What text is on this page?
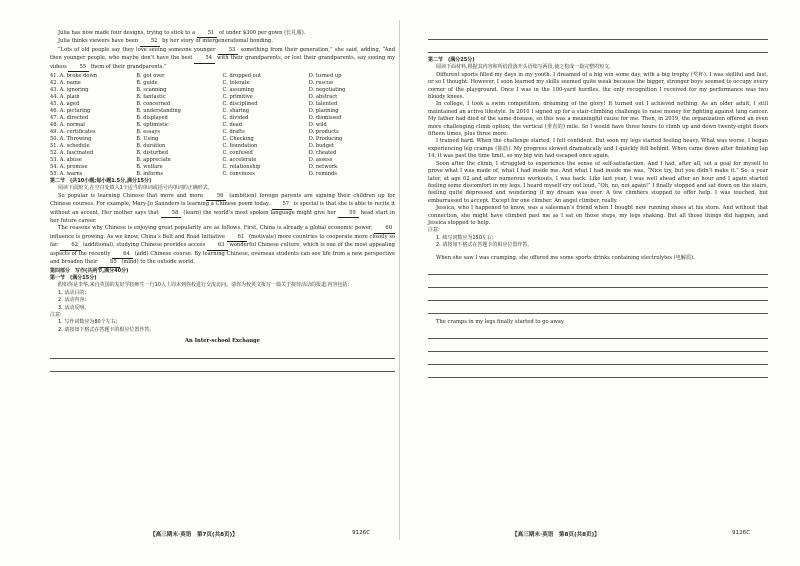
Julia has now made four designs, trying to stick to a 51 of under $300 per gown (长礼服).

Julia thinks viewers have been 52 by her story of intergenerational bonding.

“Lots of old people say they love seeing someone younger	53 something from their generation,” she said, adding, “And then younger people, who maybe don’t have the best	54 with their grandparents, or lost their grandparents, say seeing my videos 55 them of their grandparents.”

41. A. broke down	B. got over	C. dropped out	D. turned up
42. A. name	B. guide	C. tolerate	D. rescue
43. A. ignoring	B. scanning	C. assuming	D. negotiating
44. A. plain	B. fantastic	C. primitive	D. abstract
45. A. aged	B. concerned	C. disciplined	D. talented
46. A. picturing	B. understanding	C. sharing	D. planning
47. A. directed	B. displayed	C. divided	D. dismissed
48. A. normal	B. optimistic	C. dead	D. wild
49. A. certificates	B. essays	C. drafts	D. products
50. A. Throwing	B. Using	C. Checking	D. Producing
51. A. schedule	B. duration	C. foundation	D. budget
52. A. fascinated	B. disturbed	C. confused	D. cheated
53. A. abuse	B. appreciate	C. accelerate	D. assess
54. A. promise	B. welfare	C. relationship	D. network
55. A. warns	B. informs	C. convinces	D. reminds

第二节　(共10小题;每小题1.5分,满分15分)

阅读下面短文,在空白处填入1个适当的单词或括号内单词的正确形式。

So popular is learning Chinese that more and more	56 (ambition) foreign parents are signing their children up for Chinese courses. For example, Mary-Jo Saunders is learning a Chinese poem today. 57 is special is that she is able to recite it without an accent. Her mother says that	58 (learn) the world’s most spoken language might give her	59 head start in her future career.

The reasons why Chinese is enjoying great popularity are as follows. First, China is already a global economic power, 60 influence is growing. As we know, China’s Belt and Road Initiative 61 (motivate) more countries to cooperate more closely so far. 62 (additional), studying Chinese provides access 63 wonderful Chinese culture, which is one of the most appealing aspects of the recently 64 (add) Chinese course. By learning Chinese, overseas students can see life from a new perspective and broaden their 65 (mind) to the outside world.

第四部分　写作(共两节,满分40分)

第一节　(满分15分)

假如你是李华,来自英国的友好学校师生一行10人上周末到你校进行交流访问。请你为校英文报写一篇关于接待活动的报道,内容包括:

1. 活动目的;

2. 活动内容;

3. 活动反响。

注意:

1. 写作词数应为80个左右;

2. 请按如下格式在答题卡的相应位置作答。

An Inter-school Exchange

【高三期末·英语　第7页(共8页)】	9126C

第二节　(满分25分)

阅读下面材料,根据其内容和所给段落开头语续写两段,使之构成一篇完整的短文。

Different sports filled my days in my youth. I dreamed of a big win some day, with a big trophy (奖杯). I was skillful and fast, or so I thought. However, I soon learned my skills seemed quite weak because the bigger, stronger boys seemed to occupy every corner of the playground. Once I was in the 100-yard hurdles, the only recognition I received for my performance was two bloody knees.

In college, I took a swim competition, dreaming of the glory! It turned out I achieved nothing. As an older adult, I still maintained an active lifestyle. In 2010 I signed up for a stair-climbing challenge to raise money for fighting against lung cancer. My father had died of the same disease, so this was a meaningful cause for me. Then, in 2019, the organization offered an even more challenging climb option; the vertical (垂直的) mile. So I would have three hours to climb up and down twenty-eight floors fifteen times, plus three more.

I trained hard. When the challenge started, I felt confident. But soon my legs started feeling heavy. What was worse, I began experiencing leg cramps (抽筋). My progress slowed dramatically and I quickly fell behind. When came down after finishing lap 14, it was past the time limit, so my big win had escaped once again.

Soon after the climb, I struggled to experience the sense of self-satisfaction. And I had, after all, set a goal for myself to prove what I was made of, what I had inside me. And what I had inside me was, “Nice try, but you didn’t make it.” So, a year later, at age 62 and after numerous workouts, I was back. Like last year, I was well ahead after an hour and I again started feeling some discomfort in my legs. I heard myself cry out loud, “Oh, no, not again!” I finally stopped and sat down on the stairs, feeling quite depressed and wondering if my dream was over. A few climbers stopped to offer help. I was touched, but embarrassed to accept. Except for one climber. An angel climber, really.

Jessica, who I happened to know, was a salesman’s friend when I bought new running shoes at his store. And without that connection, she might have climbed past me as I sat on those steps, my legs shaking. But all those things did happen, and Jessica stopped to help.

注意:

1. 续写词数应为150左右;

2. 请按如下格式在答题卡的相应位置作答。

When she saw I was cramping, she offered me some sports drinks containing electrolytes (电解质).

The cramps in my legs finally started to go away.

【高三期末·英语　第8页(共8页)】	9126C
